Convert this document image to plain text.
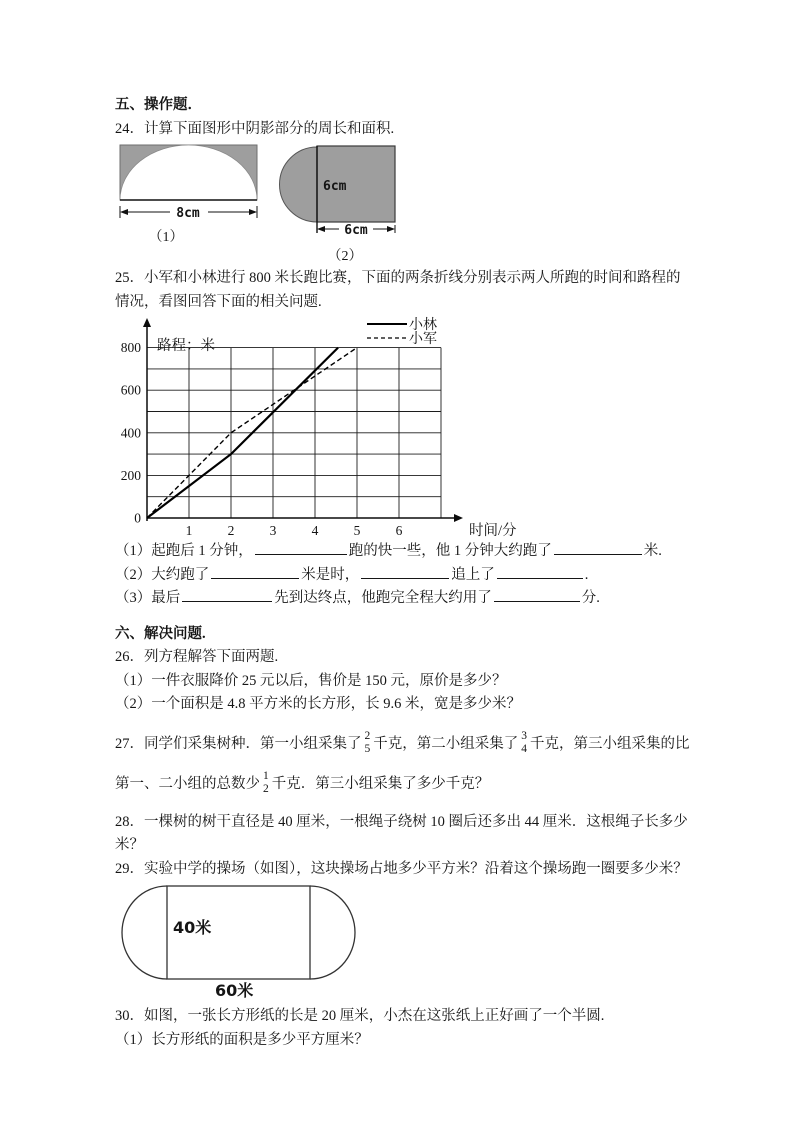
五、操作题．
24．计算下面图形中阴影部分的周长和面积.
8cm
（1）
6cm
6cm
（2）
25．小军和小林进行 800 米长跑比赛，下面的两条折线分别表示两人所跑的时间和路程的情况，看图回答下面的相关问题.
0
200
400
600
800
1	2	3	4	5	6
路程：米
时间/分
小林
小军
（1）起跑后 1 分钟，	跑的快一些，他 1 分钟大约跑了	米.
（2）大约跑了	米是时，	追上了	.
（3）最后	先到达终点，他跑完全程大约用了	分.
六、解决问题.
26．列方程解答下面两题.
（1）一件衣服降价 25 元以后，售价是 150 元，原价是多少？
（2）一个面积是 4.8 平方米的长方形，长 9.6 米，宽是多少米？
27．同学们采集树种．第一小组采集了 2
5 千克，第二小组采集了 3
4 千克，第三小组采集的比
第一、二小组的总数少 1
2 千克．第三小组采集了多少千克？
28．一棵树的树干直径是 40 厘米，一根绳子绕树 10 圈后还多出 44 厘米．这根绳子长多少米？
29．实验中学的操场（如图），这块操场占地多少平方米？沿着这个操场跑一圈要多少米？
40米
60米
30．如图，一张长方形纸的长是 20 厘米，小杰在这张纸上正好画了一个半圆.
（1）长方形纸的面积是多少平方厘米？
